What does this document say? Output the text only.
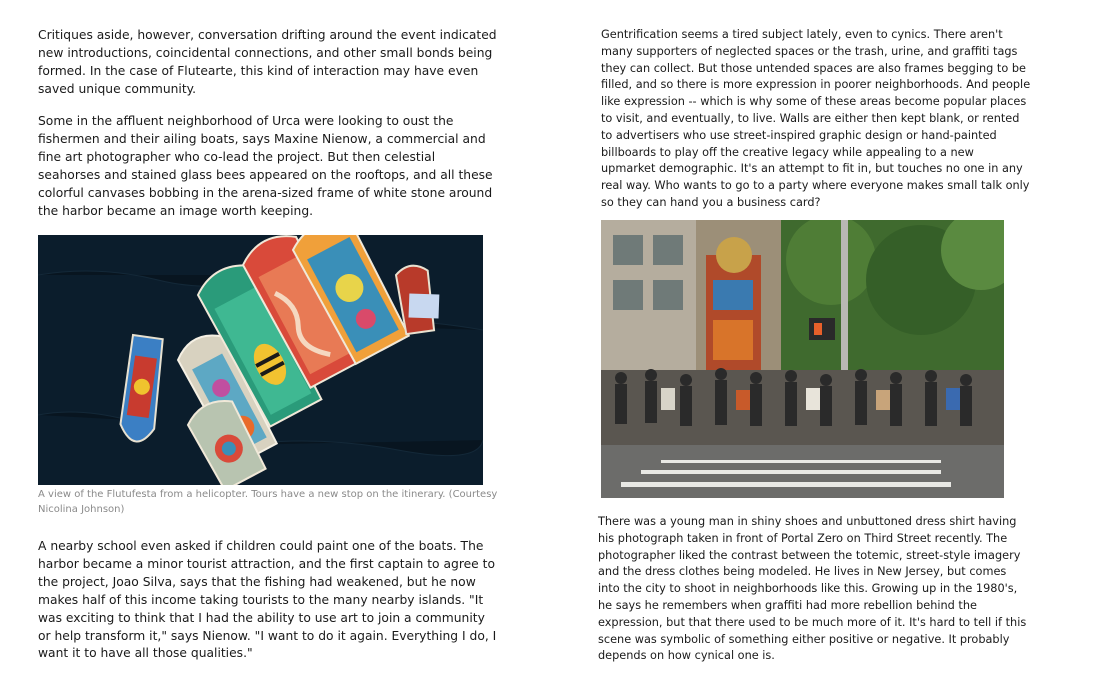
Critiques aside, however, conversation drifting around the event indicated new introductions, coincidental connections, and other small bonds being formed. In the case of Flutearte, this kind of interaction may have even saved unique community.

Some in the affluent neighborhood of Urca were looking to oust the fishermen and their ailing boats, says Maxine Nienow, a commercial and fine art photographer who co-lead the project. But then celestial seahorses and stained glass bees appeared on the rooftops, and all these colorful canvases bobbing in the arena-sized frame of white stone around the harbor became an image worth keeping.

A view of the Flutufesta from a helicopter. Tours have a new stop on the itinerary. (Courtesy Nicolina Johnson)

A nearby school even asked if children could paint one of the boats. The harbor became a minor tourist attraction, and the first captain to agree to the project, Joao Silva, says that the fishing had weakened, but he now makes half of this income taking tourists to the many nearby islands. "It was exciting to think that I had the ability to use art to join a community or help transform it," says Nienow. "I want to do it again. Everything I do, I want it to have all those qualities."

Gentrification seems a tired subject lately, even to cynics. There aren't many supporters of neglected spaces or the trash, urine, and graffiti tags they can collect. But those untended spaces are also frames begging to be filled, and so there is more expression in poorer neighborhoods. And people like expression -- which is why some of these areas become popular places to visit, and eventually, to live. Walls are either then kept blank, or rented to advertisers who use street-inspired graphic design or hand-painted billboards to play off the creative legacy while appealing to a new upmarket demographic. It's an attempt to fit in, but touches no one in any real way. Who wants to go to a party where everyone makes small talk only so they can hand you a business card?

There was a young man in shiny shoes and unbuttoned dress shirt having his photograph taken in front of Portal Zero on Third Street recently. The photographer liked the contrast between the totemic, street-style imagery and the dress clothes being modeled. He lives in New Jersey, but comes into the city to shoot in neighborhoods like this. Growing up in the 1980's, he says he remembers when graffiti had more rebellion behind the expression, but that there used to be much more of it. It's hard to tell if this scene was symbolic of something either positive or negative. It probably depends on how cynical one is.
